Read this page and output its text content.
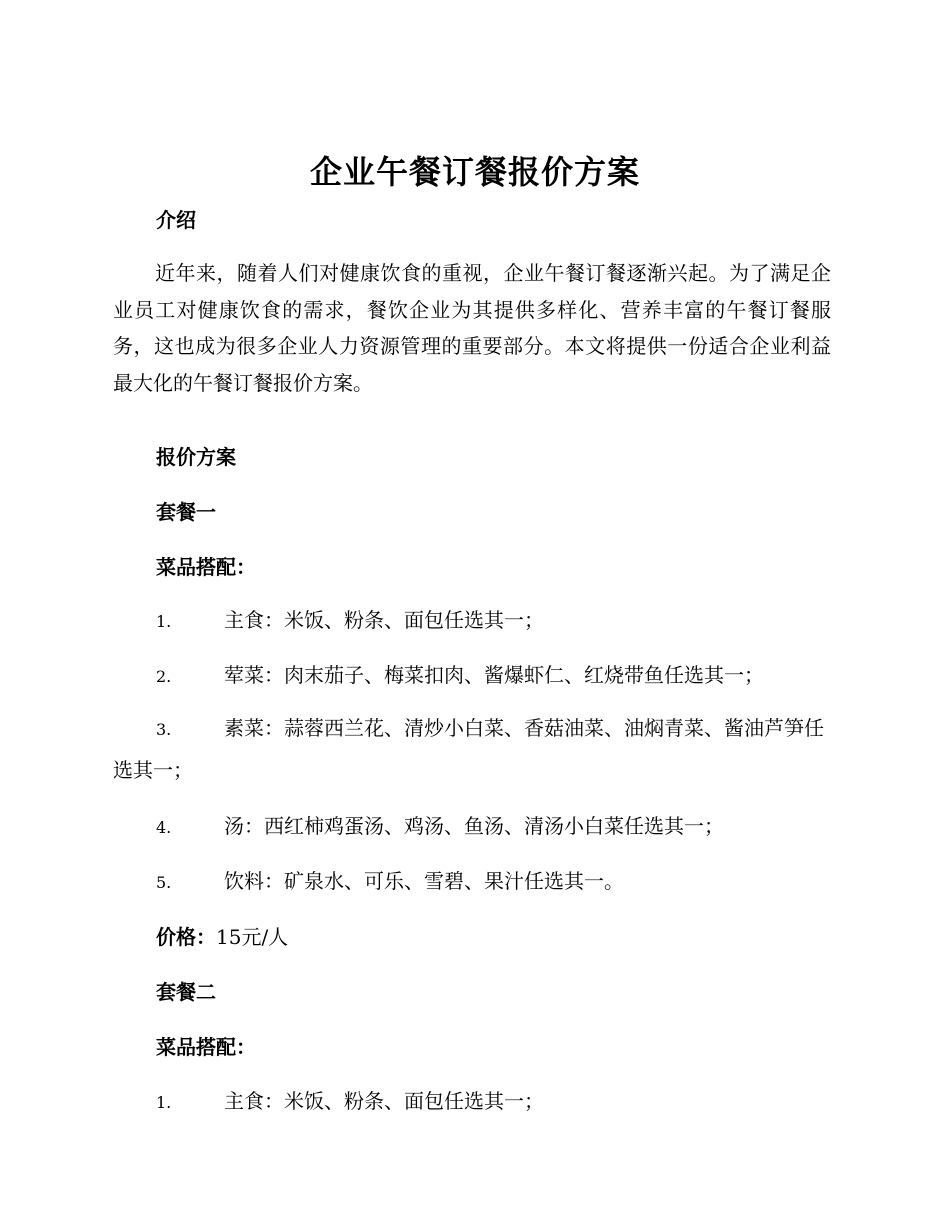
企业午餐订餐报价方案
介绍

近年来，随着人们对健康饮食的重视，企业午餐订餐逐渐兴起。为了满足企业员工对健康饮食的需求，餐饮企业为其提供多样化、营养丰富的午餐订餐服务，这也成为很多企业人力资源管理的重要部分。本文将提供一份适合企业利益最大化的午餐订餐报价方案。

报价方案
套餐一
菜品搭配：
1.	主食：米饭、粉条、面包任选其一；
2.	荤菜：肉末茄子、梅菜扣肉、酱爆虾仁、红烧带鱼任选其一；
3.	素菜：蒜蓉西兰花、清炒小白菜、香菇油菜、油焖青菜、酱油芦笋任选其一；
4.	汤：西红柿鸡蛋汤、鸡汤、鱼汤、清汤小白菜任选其一；
5.	饮料：矿泉水、可乐、雪碧、果汁任选其一。
价格：15元/人
套餐二
菜品搭配：
1.	主食：米饭、粉条、面包任选其一；
